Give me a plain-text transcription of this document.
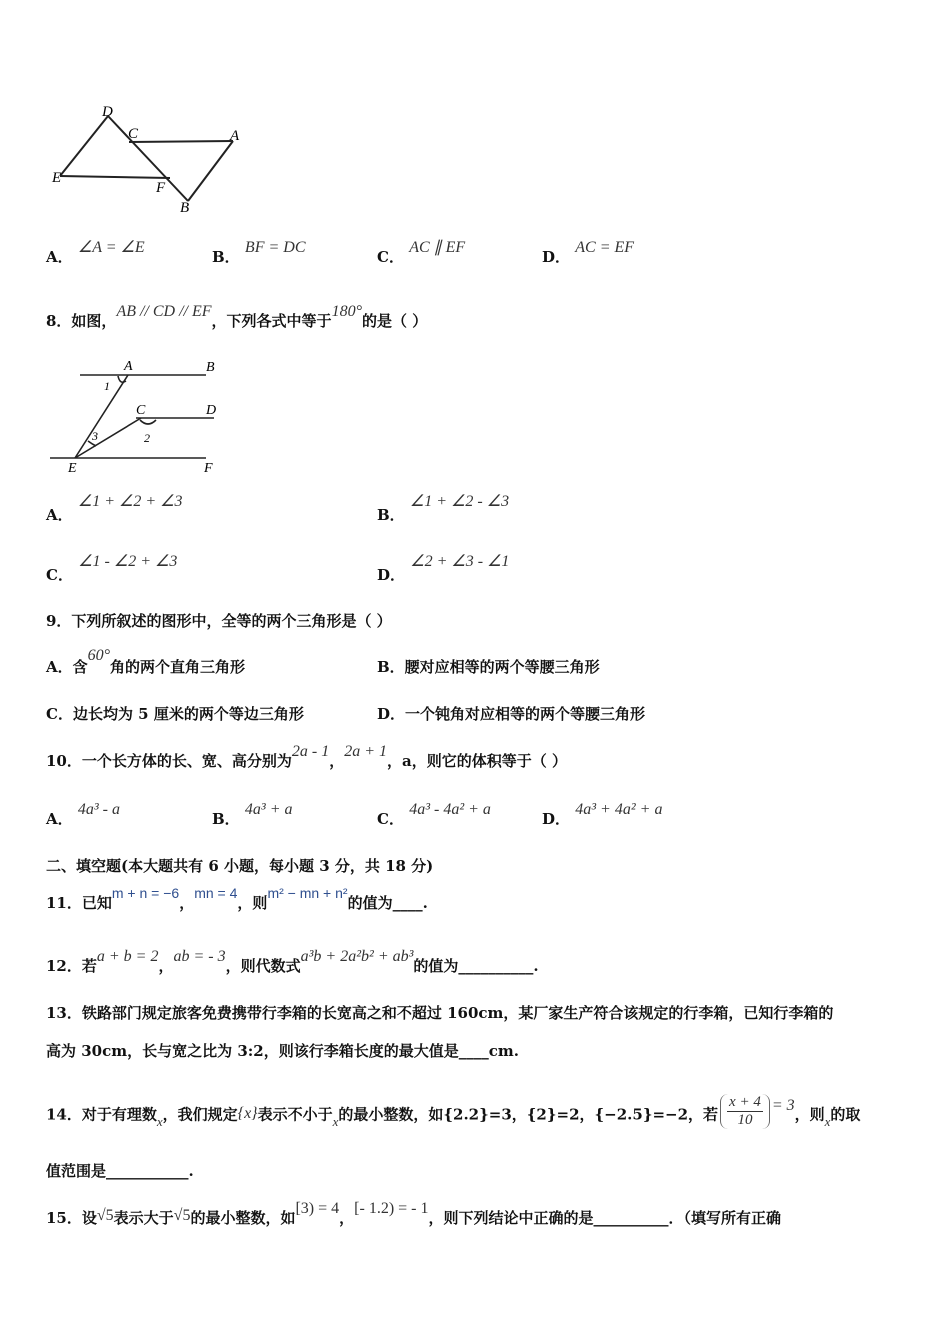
D
C	A
E
F
B
A． ∠A = ∠E
B． BF = DC
C． AC ∥ EF
D． AC = EF
8．如图，AB // CD // EF，下列各式中等于180°的是（ ）
A	B
C	D
E	F
1
2
3
A． ∠1 + ∠2 + ∠3
B． ∠1 + ∠2 - ∠3
C． ∠1 - ∠2 + ∠3
D． ∠2 + ∠3 - ∠1
9．下列所叙述的图形中，全等的两个三角形是（ ）
A．含60°角的两个直角三角形	B．腰对应相等的两个等腰三角形
C．边长均为 5 厘米的两个等边三角形	D．一个钝角对应相等的两个等腰三角形
10．一个长方体的长、宽、高分别为2a - 1，2a + 1，a，则它的体积等于（ ）
A． 4a³ - a
B． 4a³ + a
C． 4a³ - 4a² + a
D． 4a³ + 4a² + a
二、填空题(本大题共有 6 小题，每小题 3 分，共 18 分)
11．已知m + n = −6，mn = 4，则m² − mn + n²的值为____.
12．若a + b = 2，ab = - 3，则代数式a³b + 2a²b² + ab³的值为__________.
13．铁路部门规定旅客免费携带行李箱的长宽高之和不超过 160cm，某厂家生产符合该规定的行李箱，已知行李箱的
高为 30cm，长与宽之比为 3:2，则该行李箱长度的最大值是____cm.
14．对于有理数x，我们规定{x}表示不小于x的最小整数，如{2.2}=3，{2}=2，{−2.5}=−2，若 $\frac{x + 4}{10} = 3$，则x的取
值范围是___________.
15．设√5表示大于√5的最小整数，如[3) = 4，[- 1.2) = - 1，则下列结论中正确的是__________．（填写所有正确
